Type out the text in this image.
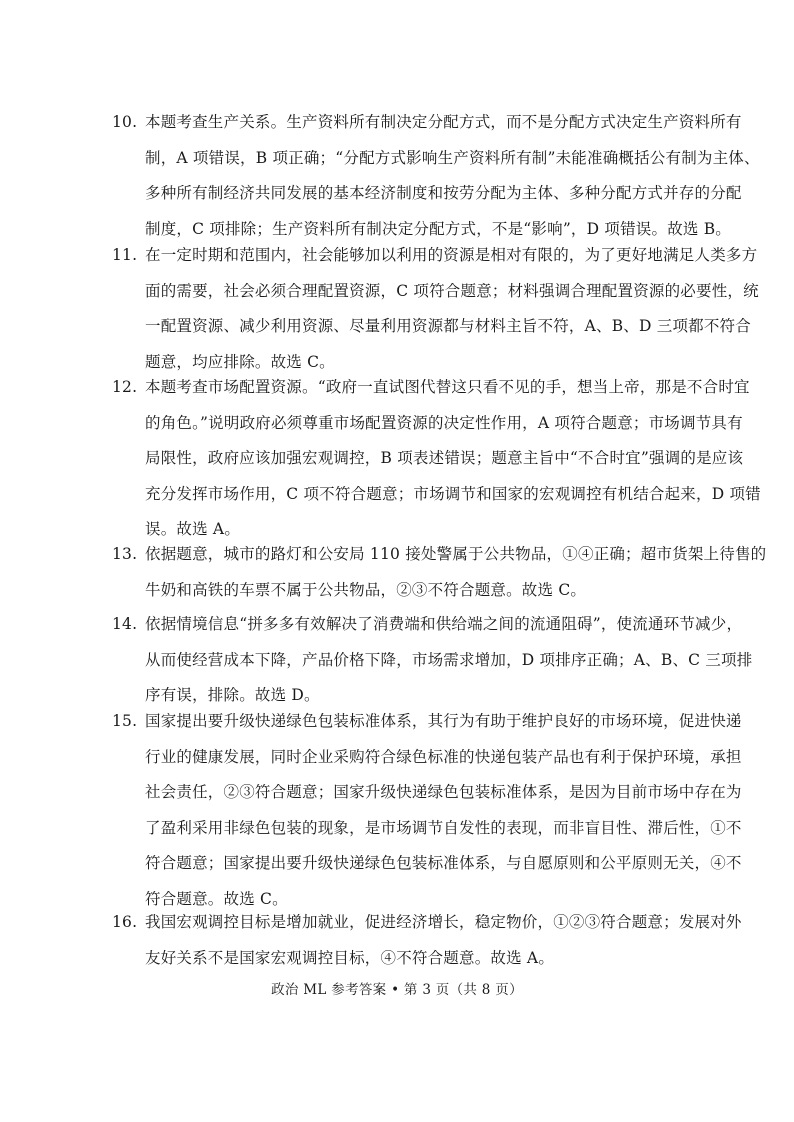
10. 本题考查生产关系。生产资料所有制决定分配方式，而不是分配方式决定生产资料所有
制，A 项错误，B 项正确；“分配方式影响生产资料所有制”未能准确概括公有制为主体、
多种所有制经济共同发展的基本经济制度和按劳分配为主体、多种分配方式并存的分配
制度，C 项排除；生产资料所有制决定分配方式，不是“影响”，D 项错误。故选 B。
11. 在一定时期和范围内，社会能够加以利用的资源是相对有限的，为了更好地满足人类多方
面的需要，社会必须合理配置资源，C 项符合题意；材料强调合理配置资源的必要性，统
一配置资源、减少利用资源、尽量利用资源都与材料主旨不符，A、B、D 三项都不符合
题意，均应排除。故选 C。
12. 本题考查市场配置资源。“政府一直试图代替这只看不见的手，想当上帝，那是不合时宜
的角色。”说明政府必须尊重市场配置资源的决定性作用，A 项符合题意；市场调节具有
局限性，政府应该加强宏观调控，B 项表述错误；题意主旨中“不合时宜”强调的是应该
充分发挥市场作用，C 项不符合题意；市场调节和国家的宏观调控有机结合起来，D 项错
误。故选 A。
13. 依据题意，城市的路灯和公安局 110 接处警属于公共物品，①④正确；超市货架上待售的
牛奶和高铁的车票不属于公共物品，②③不符合题意。故选 C。
14. 依据情境信息“拼多多有效解决了消费端和供给端之间的流通阻碍”，使流通环节减少，
从而使经营成本下降，产品价格下降，市场需求增加，D 项排序正确；A、B、C 三项排
序有误，排除。故选 D。
15. 国家提出要升级快递绿色包装标准体系，其行为有助于维护良好的市场环境，促进快递
行业的健康发展，同时企业采购符合绿色标准的快递包装产品也有利于保护环境，承担
社会责任，②③符合题意；国家升级快递绿色包装标准体系，是因为目前市场中存在为
了盈利采用非绿色包装的现象，是市场调节自发性的表现，而非盲目性、滞后性，①不
符合题意；国家提出要升级快递绿色包装标准体系，与自愿原则和公平原则无关，④不
符合题意。故选 C。
16. 我国宏观调控目标是增加就业，促进经济增长，稳定物价，①②③符合题意；发展对外
友好关系不是国家宏观调控目标，④不符合题意。故选 A。
政治 ML 参考答案 • 第 3 页（共 8 页）
